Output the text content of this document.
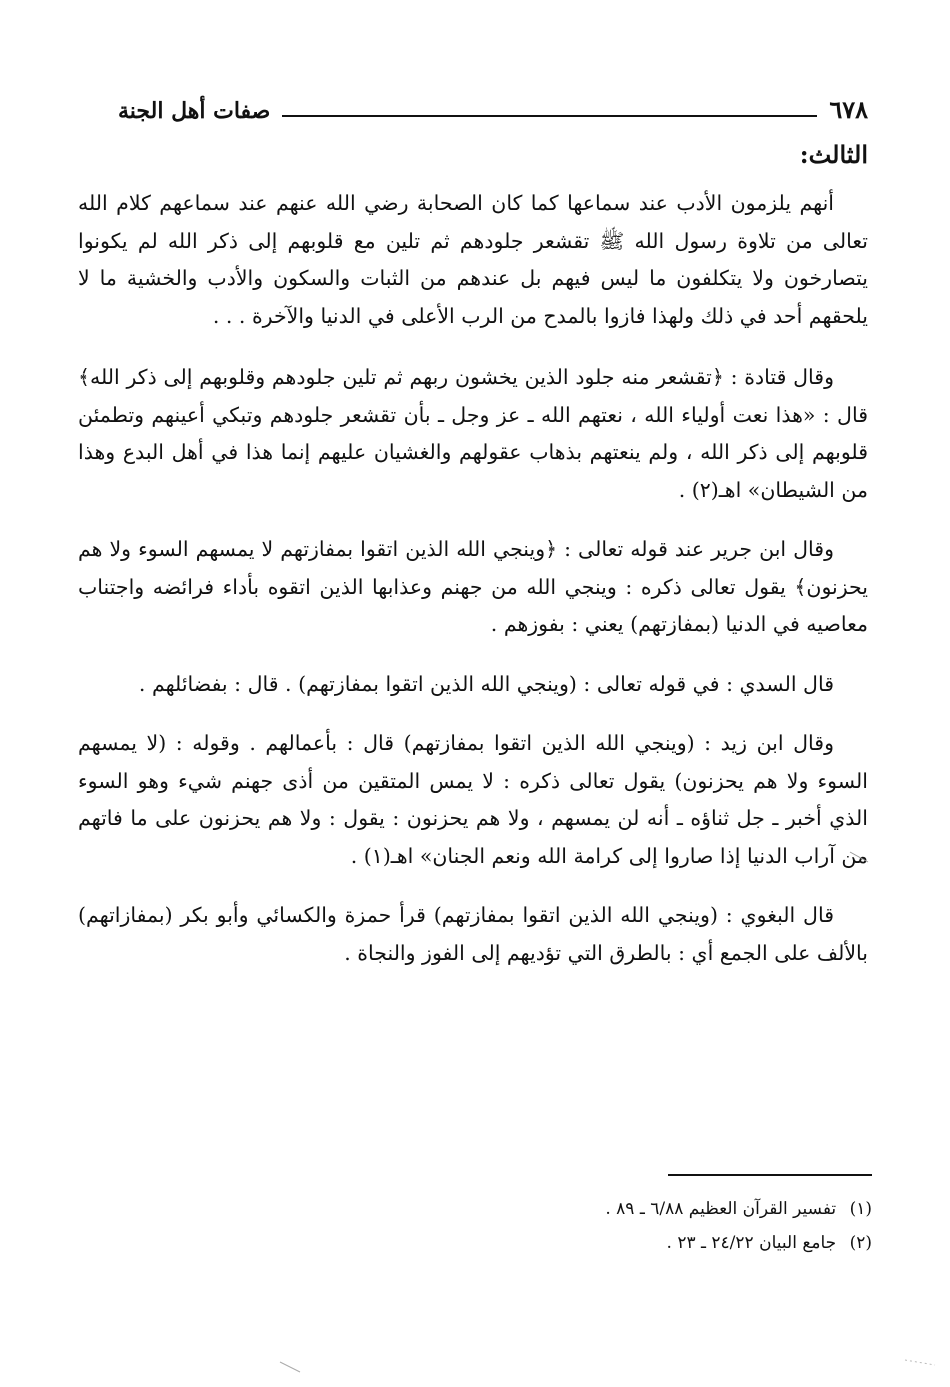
٦٧٨
صفات أهل الجنة
الثالث:

أنهم يلزمون الأدب عند سماعها كما كان الصحابة رضي الله عنهم عند سماعهم كلام الله تعالى من تلاوة رسول الله ﷺ تقشعر جلودهم ثم تلين مع قلوبهم إلى ذكر الله لم يكونوا يتصارخون ولا يتكلفون ما ليس فيهم بل عندهم من الثبات والسكون والأدب والخشية ما لا يلحقهم أحد في ذلك ولهذا فازوا بالمدح من الرب الأعلى في الدنيا والآخرة . . .

وقال قتادة : ﴿تقشعر منه جلود الذين يخشون ربهم ثم تلين جلودهم وقلوبهم إلى ذكر الله﴾ قال : «هذا نعت أولياء الله ، نعتهم الله ـ عز وجل ـ بأن تقشعر جلودهم وتبكي أعينهم وتطمئن قلوبهم إلى ذكر الله ، ولم ينعتهم بذهاب عقولهم والغشيان عليهم إنما هذا في أهل البدع وهذا من الشيطان» اهـ(٢) .

وقال ابن جرير عند قوله تعالى : ﴿وينجي الله الذين اتقوا بمفازتهم لا يمسهم السوء ولا هم يحزنون﴾ يقول تعالى ذكره : وينجي الله من جهنم وعذابها الذين اتقوه بأداء فرائضه واجتناب معاصيه في الدنيا (بمفازتهم) يعني : بفوزهم .

قال السدي : في قوله تعالى : (وينجي الله الذين اتقوا بمفازتهم) . قال : بفضائلهم .

وقال ابن زيد : (وينجي الله الذين اتقوا بمفازتهم) قال : بأعمالهم . وقوله : (لا يمسهم السوء ولا هم يحزنون) يقول تعالى ذكره : لا يمس المتقين من أذى جهنم شيء وهو السوء الذي أخبر ـ جل ثناؤه ـ أنه لن يمسهم ، ولا هم يحزنون : يقول : ولا هم يحزنون على ما فاتهم من آراب الدنيا إذا صاروا إلى كرامة الله ونعم الجنان» اهـ(١) .

قال البغوي : (وينجي الله الذين اتقوا بمفازتهم) قرأ حمزة والكسائي وأبو بكر (بمفازاتهم) بالألف على الجمع أي : بالطرق التي تؤديهم إلى الفوز والنجاة .

(١) تفسير القرآن العظيم ٦/٨٨ ـ ٨٩ .

(٢) جامع البيان ٢٤/٢٢ ـ ٢٣ .
